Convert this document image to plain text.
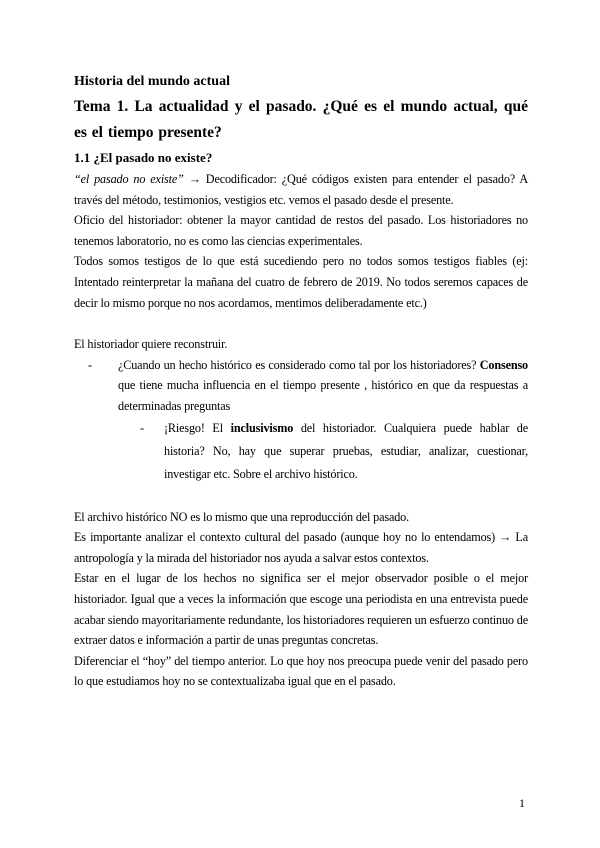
Historia del mundo actual
Tema 1. La actualidad y el pasado. ¿Qué es el mundo actual, qué es el tiempo presente?
1.1 ¿El pasado no existe?

“el pasado no existe” → Decodificador: ¿Qué códigos existen para entender el pasado? A través del método, testimonios, vestigios etc. vemos el pasado desde el presente.

Oficio del historiador: obtener la mayor cantidad de restos del pasado. Los historiadores no tenemos laboratorio, no es como las ciencias experimentales.

Todos somos testigos de lo que está sucediendo pero no todos somos testigos fiables (ej: Intentado reinterpretar la mañana del cuatro de febrero de 2019. No todos seremos capaces de decir lo mismo porque no nos acordamos, mentimos deliberadamente etc.)

El historiador quiere reconstruir.

- ¿Cuando un hecho histórico es considerado como tal por los historiadores? Consenso que tiene mucha influencia en el tiempo presente , histórico en que da respuestas a determinadas preguntas
- ¡Riesgo! El inclusivismo del historiador. Cualquiera puede hablar de historia? No, hay que superar pruebas, estudiar, analizar, cuestionar, investigar etc. Sobre el archivo histórico.

El archivo histórico NO es lo mismo que una reproducción del pasado.

Es importante analizar el contexto cultural del pasado (aunque hoy no lo entendamos) → La antropología y la mirada del historiador nos ayuda a salvar estos contextos.

Estar en el lugar de los hechos no significa ser el mejor observador posible o el mejor historiador. Igual que a veces la información que escoge una periodista en una entrevista puede acabar siendo mayoritariamente redundante, los historiadores requieren un esfuerzo continuo de extraer datos e información a partir de unas preguntas concretas.

Diferenciar el “hoy” del tiempo anterior. Lo que hoy nos preocupa puede venir del pasado pero lo que estudiamos hoy no se contextualizaba igual que en el pasado.

1
